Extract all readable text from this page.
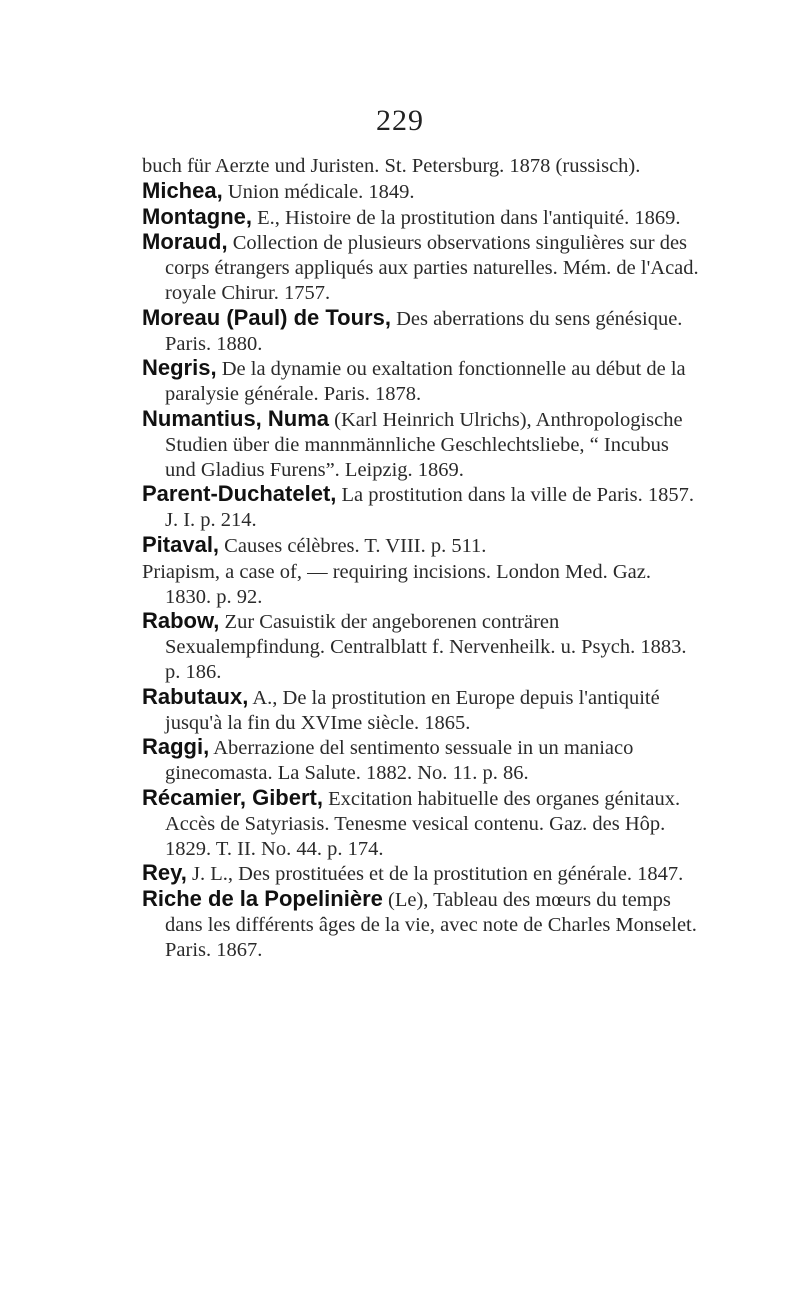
229
buch für Aerzte und Juristen. St. Petersburg. 1878 (russisch).
Michea, Union médicale. 1849.
Montagne, E., Histoire de la prostitution dans l'antiquité. 1869.
Moraud, Collection de plusieurs observations singulières sur des corps étrangers appliqués aux parties naturelles. Mém. de l'Acad. royale Chirur. 1757.
Moreau (Paul) de Tours, Des aberrations du sens génésique. Paris. 1880.
Negris, De la dynamie ou exaltation fonctionnelle au début de la paralysie générale. Paris. 1878.
Numantius, Numa (Karl Heinrich Ulrichs), Anthropologische Studien über die mannmännliche Geschlechtsliebe, “ Incubus und Gladius Furens”. Leipzig. 1869.
Parent-Duchatelet, La prostitution dans la ville de Paris. 1857. J. I. p. 214.
Pitaval, Causes célèbres. T. VIII. p. 511.
Priapism, a case of, — requiring incisions. London Med. Gaz. 1830. p. 92.
Rabow, Zur Casuistik der angeborenen conträren Sexualempfindung. Centralblatt f. Nervenheilk. u. Psych. 1883. p. 186.
Rabutaux, A., De la prostitution en Europe depuis l'antiquité jusqu'à la fin du XVIme siècle. 1865.
Raggi, Aberrazione del sentimento sessuale in un maniaco ginecomasta. La Salute. 1882. No. 11. p. 86.
Récamier, Gibert, Excitation habituelle des organes génitaux. Accès de Satyriasis. Tenesme vesical contenu. Gaz. des Hôp. 1829. T. II. No. 44. p. 174.
Rey, J. L., Des prostituées et de la prostitution en générale. 1847.
Riche de la Popelinière (Le), Tableau des mœurs du temps dans les différents âges de la vie, avec note de Charles Monselet. Paris. 1867.
